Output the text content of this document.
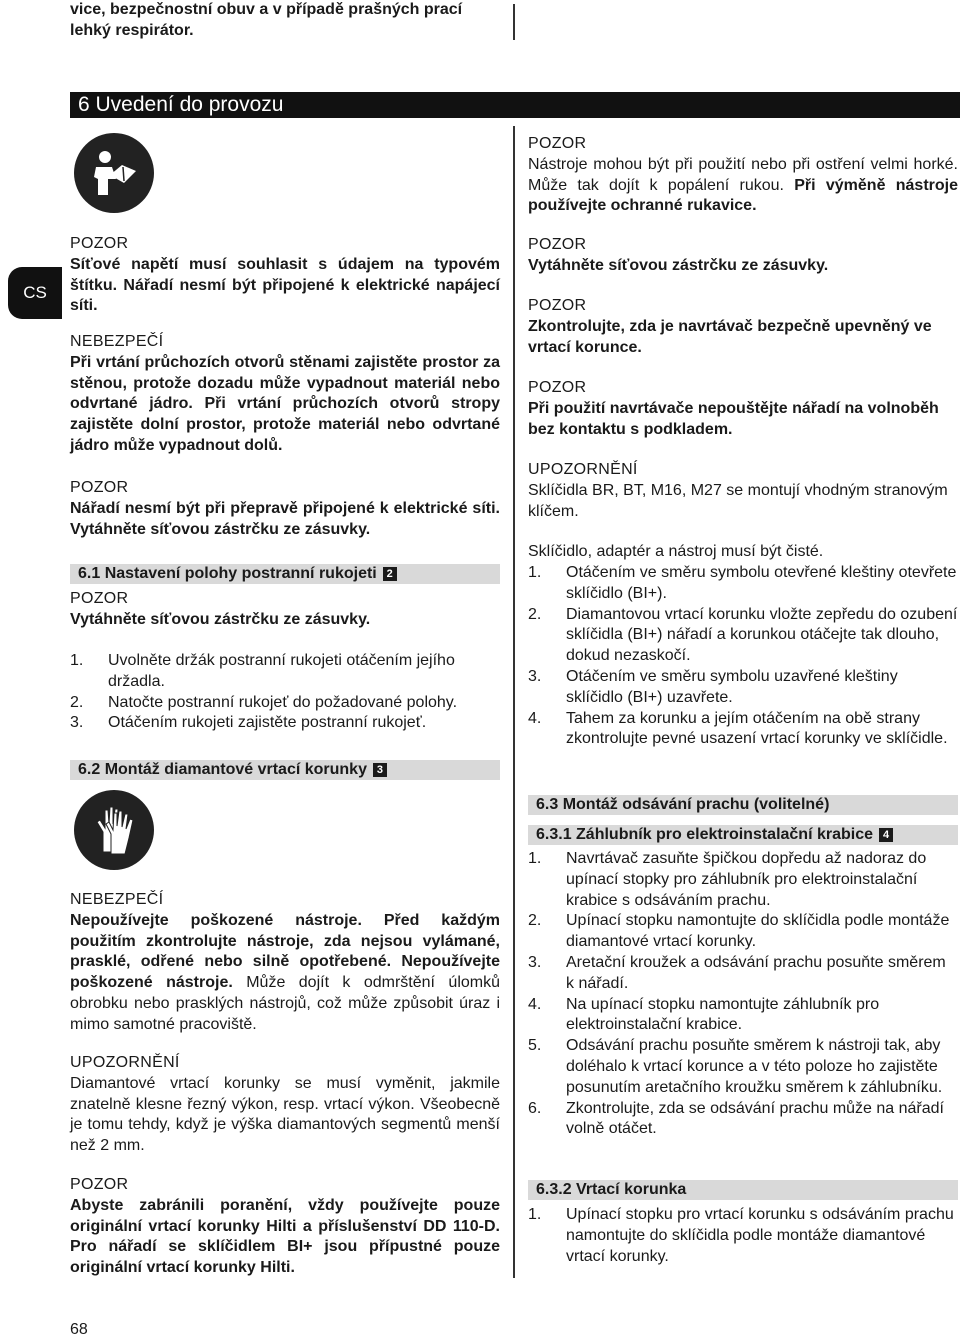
vice, bezpečnostní obuv a v případě prašných prací
lehký respirátor.
6 Uvedení do provozu
CS

POZOR

Síťové napětí musí souhlasit s údajem na typovém štítku. Nářadí nesmí být připojené k elektrické napájecí síti.

NEBEZPEČÍ

Při vrtání průchozích otvorů stěnami zajistěte prostor za stěnou, protože dozadu může vypadnout materiál nebo odvrtané jádro. Při vrtání průchozích otvorů stropy zajistěte dolní prostor, protože materiál nebo odvrtané jádro může vypadnout dolů.

POZOR

Nářadí nesmí být při přepravě připojené k elektrické síti. Vytáhněte síťovou zástrčku ze zásuvky.

6.1 Nastavení polohy postranní rukojeti 2

POZOR

Vytáhněte síťovou zástrčku ze zásuvky.

1. Uvolněte držák postranní rukojeti otáčením jejího držadla.
2. Natočte postranní rukojeť do požadované polohy.
3. Otáčením rukojeti zajistěte postranní rukojeť.
6.2 Montáž diamantové vrtací korunky 3

NEBEZPEČÍ

Nepoužívejte poškozené nástroje. Před každým použitím zkontrolujte nástroje, zda nejsou vylámané, prasklé, odřené nebo silně opotřebené. Nepoužívejte poškozené nástroje. Může dojít k odmrštění úlomků obrobku nebo prasklých nástrojů, což může způsobit úraz i mimo samotné pracoviště.

UPOZORNĚNÍ

Diamantové vrtací korunky se musí vyměnit, jakmile znatelně klesne řezný výkon, resp. vrtací výkon. Všeobecně je tomu tehdy, když je výška diamantových segmentů menší než 2 mm.

POZOR

Abyste zabránili poranění, vždy používejte pouze originální vrtací korunky Hilti a příslušenství DD 110-D. Pro nářadí se sklíčidlem BI+ jsou přípustné pouze originální vrtací korunky Hilti.

POZOR

Nástroje mohou být při použití nebo při ostření velmi horké. Může tak dojít k popálení rukou. Při výměně nástroje používejte ochranné rukavice.

POZOR

Vytáhněte síťovou zástrčku ze zásuvky.

POZOR

Zkontrolujte, zda je navrtávač bezpečně upevněný ve vrtací korunce.

POZOR

Při použití navrtávače nepouštějte nářadí na volnoběh bez kontaktu s podkladem.

UPOZORNĚNÍ

Sklíčidla BR, BT, M16, M27 se montují vhodným stranovým klíčem.

Sklíčidlo, adaptér a nástroj musí být čisté.

1. Otáčením ve směru symbolu otevřené kleštiny otevřete sklíčidlo (BI+).
2. Diamantovou vrtací korunku vložte zepředu do ozubení sklíčidla (BI+) nářadí a korunkou otáčejte tak dlouho, dokud nezaskočí.
3. Otáčením ve směru symbolu uzavřené kleštiny sklíčidlo (BI+) uzavřete.
4. Tahem za korunku a jejím otáčením na obě strany zkontrolujte pevné usazení vrtací korunky ve sklíčidle.
6.3 Montáž odsávání prachu (volitelné)
6.3.1 Záhlubník pro elektroinstalační krabice 4
1. Navrtávač zasuňte špičkou dopředu až nadoraz do upínací stopky pro záhlubník pro elektroinstalační krabice s odsáváním prachu.
2. Upínací stopku namontujte do sklíčidla podle montáže diamantové vrtací korunky.
3. Aretační kroužek a odsávání prachu posuňte směrem k nářadí.
4. Na upínací stopku namontujte záhlubník pro elektroinstalační krabice.
5. Odsávání prachu posuňte směrem k nástroji tak, aby doléhalo k vrtací korunce a v této poloze ho zajistěte posunutím aretačního kroužku směrem k záhlubníku.
6. Zkontrolujte, zda se odsávání prachu může na nářadí volně otáčet.
6.3.2 Vrtací korunka
1. Upínací stopku pro vrtací korunku s odsáváním prachu namontujte do sklíčidla podle montáže diamantové vrtací korunky.
68
